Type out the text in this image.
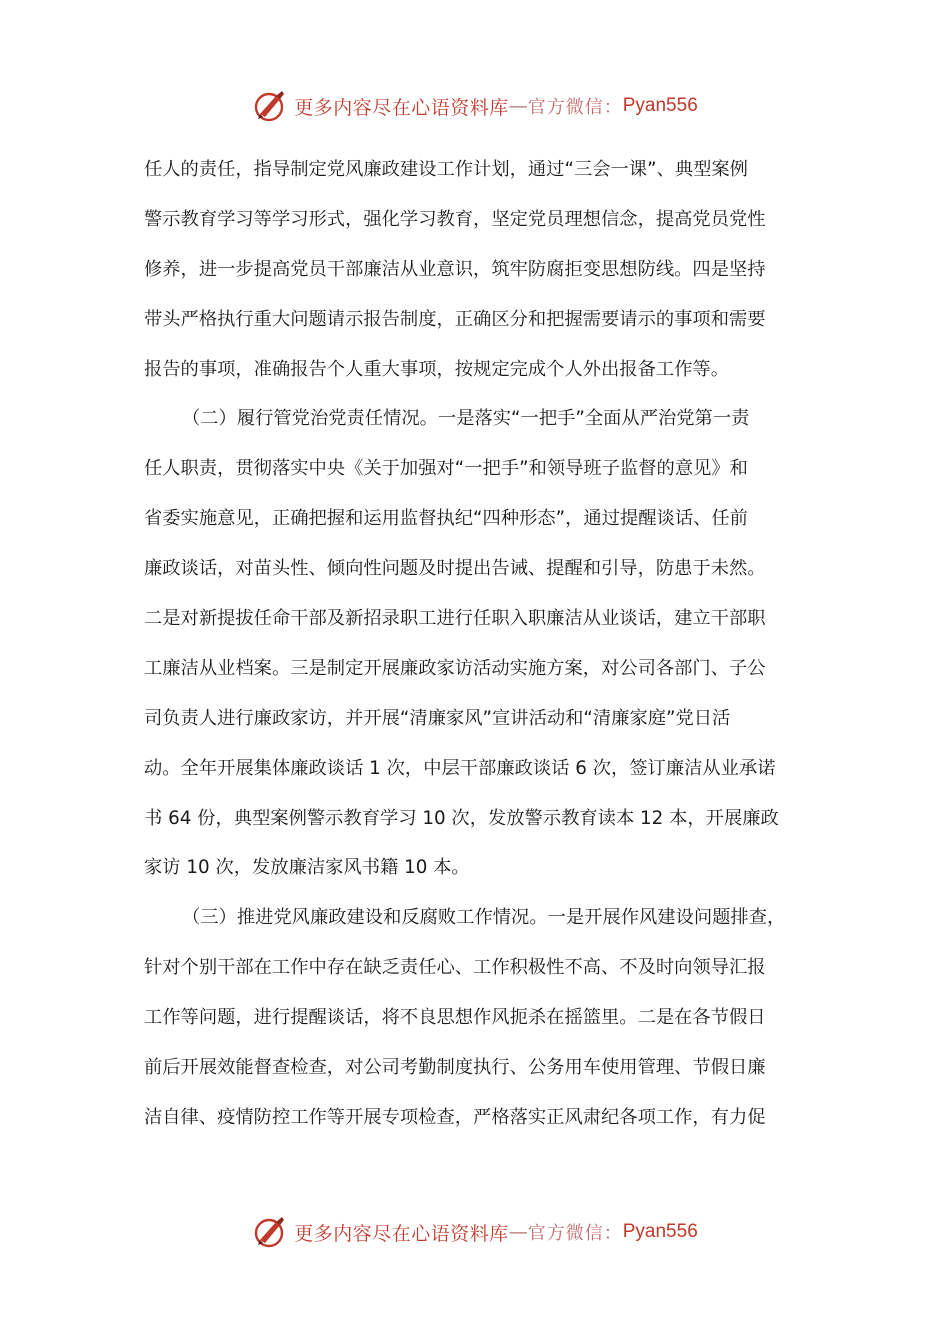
更多内容尽在心语资料库 — 官方微信： Pyan556
任人的责任，指导制定党风廉政建设工作计划，通过“三会一课”、典型案例
警示教育学习等学习形式，强化学习教育，坚定党员理想信念，提高党员党性
修养，进一步提高党员干部廉洁从业意识，筑牢防腐拒变思想防线。四是坚持
带头严格执行重大问题请示报告制度，正确区分和把握需要请示的事项和需要
报告的事项，准确报告个人重大事项，按规定完成个人外出报备工作等。
（二）履行管党治党责任情况。一是落实“一把手”全面从严治党第一责
任人职责，贯彻落实中央《关于加强对“一把手”和领导班子监督的意见》和
省委实施意见，正确把握和运用监督执纪“四种形态”，通过提醒谈话、任前
廉政谈话，对苗头性、倾向性问题及时提出告诫、提醒和引导，防患于未然。
二是对新提拔任命干部及新招录职工进行任职入职廉洁从业谈话，建立干部职
工廉洁从业档案。三是制定开展廉政家访活动实施方案，对公司各部门、子公
司负责人进行廉政家访，并开展“清廉家风”宣讲活动和“清廉家庭”党日活
动。全年开展集体廉政谈话 1 次，中层干部廉政谈话 6 次，签订廉洁从业承诺
书 64 份，典型案例警示教育学习 10 次，发放警示教育读本 12 本，开展廉政
家访 10 次，发放廉洁家风书籍 10 本。
（三）推进党风廉政建设和反腐败工作情况。一是开展作风建设问题排查，
针对个别干部在工作中存在缺乏责任心、工作积极性不高、不及时向领导汇报
工作等问题，进行提醒谈话，将不良思想作风扼杀在摇篮里。二是在各节假日
前后开展效能督查检查，对公司考勤制度执行、公务用车使用管理、节假日廉
洁自律、疫情防控工作等开展专项检查，严格落实正风肃纪各项工作，有力促
更多内容尽在心语资料库 — 官方微信： Pyan556
